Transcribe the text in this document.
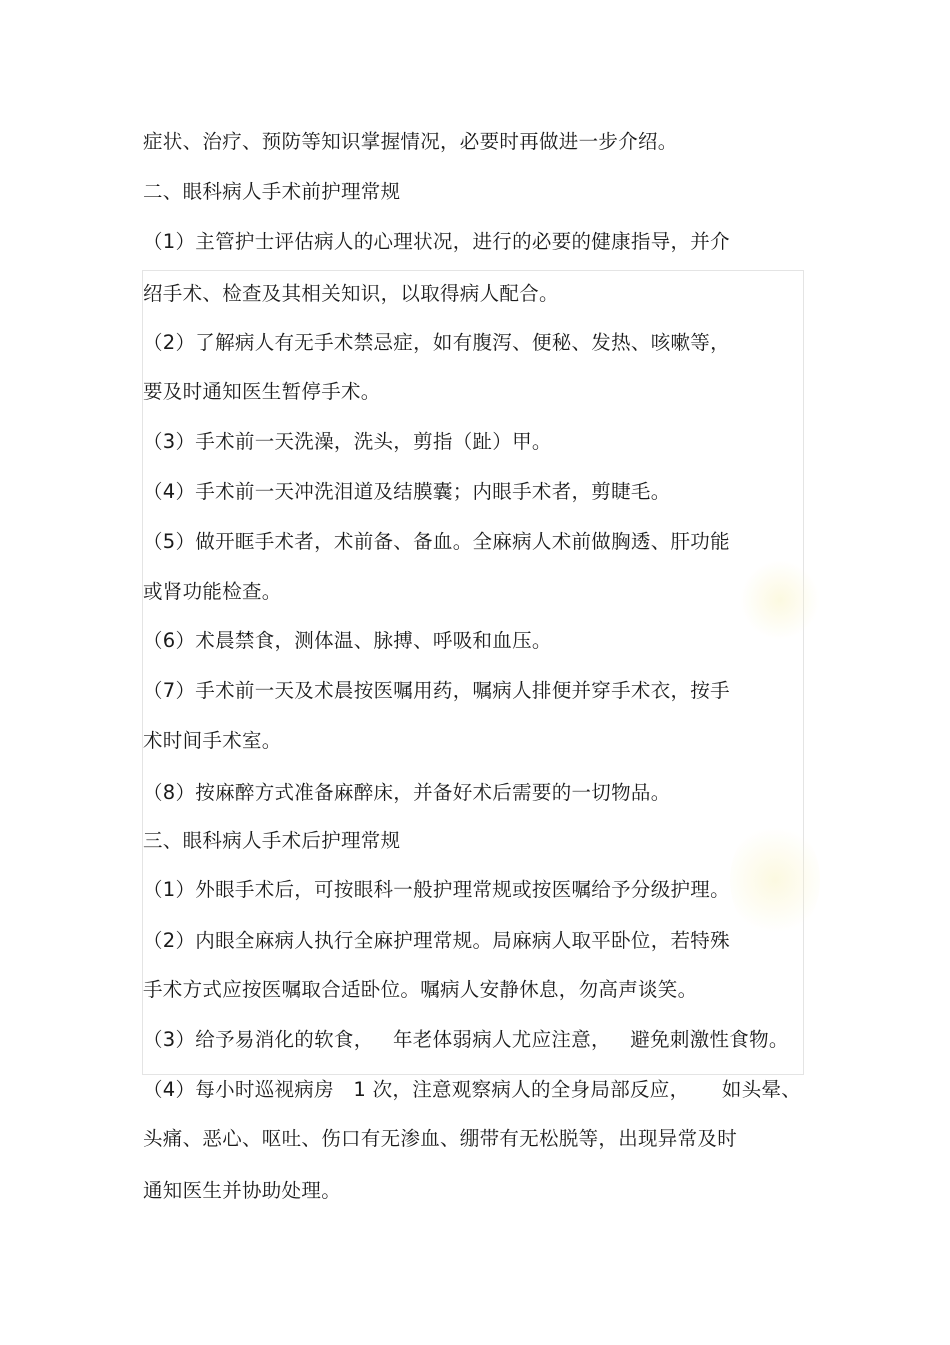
症状、治疗、预防等知识掌握情况，必要时再做进一步介绍。
二、眼科病人手术前护理常规
（1）主管护士评估病人的心理状况，进行的必要的健康指导，并介
绍手术、检查及其相关知识，以取得病人配合。
（2）了解病人有无手术禁忌症，如有腹泻、便秘、发热、咳嗽等，
要及时通知医生暂停手术。
（3）手术前一天洗澡，洗头，剪指（趾）甲。
（4）手术前一天冲洗泪道及结膜囊；内眼手术者，剪睫毛。
（5）做开眶手术者，术前备、备血。全麻病人术前做胸透、肝功能
或肾功能检查。
（6）术晨禁食，测体温、脉搏、呼吸和血压。
（7）手术前一天及术晨按医嘱用药，嘱病人排便并穿手术衣，按手
术时间手术室。
（8）按麻醉方式准备麻醉床，并备好术后需要的一切物品。
三、眼科病人手术后护理常规
（1）外眼手术后，可按眼科一般护理常规或按医嘱给予分级护理。
（2）内眼全麻病人执行全麻护理常规。局麻病人取平卧位，若特殊
手术方式应按医嘱取合适卧位。嘱病人安静休息，勿高声谈笑。
（3）给予易消化的软食，   年老体弱病人尤应注意，   避免刺激性食物。
（4）每小时巡视病房   1 次，注意观察病人的全身局部反应，     如头晕、
头痛、恶心、呕吐、伤口有无渗血、绷带有无松脱等，出现异常及时
通知医生并协助处理。
